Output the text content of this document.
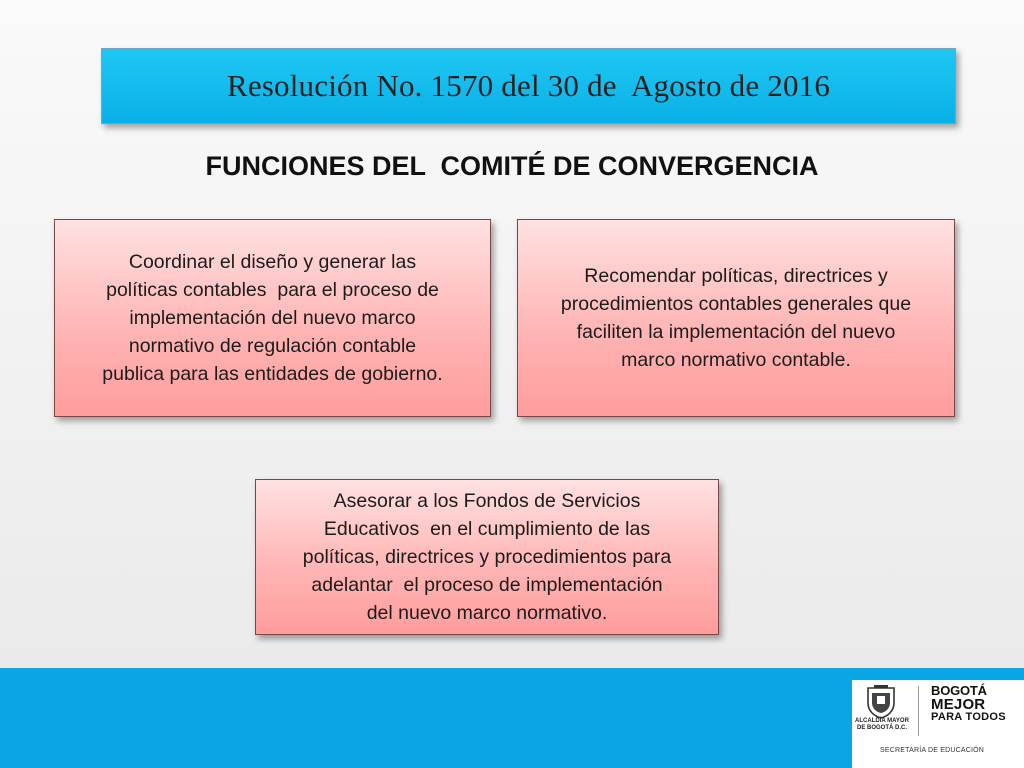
Resolución No. 1570 del 30 de  Agosto de 2016
FUNCIONES DEL  COMITÉ DE CONVERGENCIA
Coordinar el diseño y generar las
políticas contables  para el proceso de
implementación del nuevo marco
normativo de regulación contable
publica para las entidades de gobierno.
Recomendar políticas, directrices y
procedimientos contables generales que
faciliten la implementación del nuevo
marco normativo contable.
Asesorar a los Fondos de Servicios
Educativos  en el cumplimiento de las
políticas, directrices y procedimientos para
adelantar  el proceso de implementación
del nuevo marco normativo.
ALCALDÍA MAYOR DE BOGOTÁ D.C.
BOGOTÁ
MEJOR
PARA TODOS
SECRETARÍA DE EDUCACIÓN
